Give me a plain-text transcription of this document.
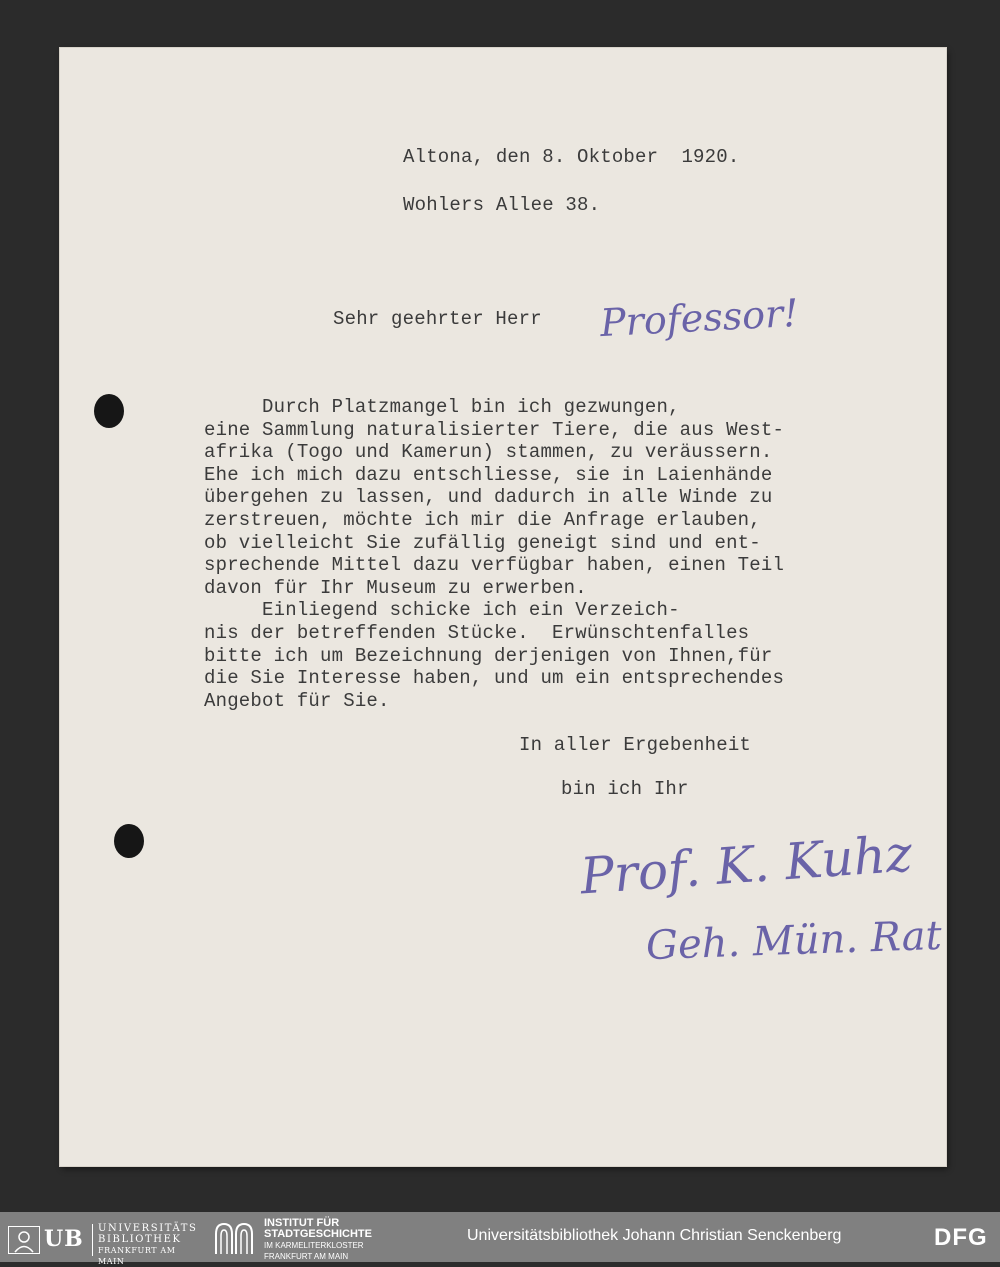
Altona, den 8. Oktober  1920.

Wohlers Allee 38.

Sehr geehrter Herr Professor!
Durch Platzmangel bin ich gezwungen,
eine Sammlung naturalisierter Tiere, die aus West-
afrika (Togo und Kamerun) stammen, zu veräussern.
Ehe ich mich dazu entschliesse, sie in Laienhände
übergehen zu lassen, und dadurch in alle Winde zu
zerstreuen, möchte ich mir die Anfrage erlauben,
ob vielleicht Sie zufällig geneigt sind und ent-
sprechende Mittel dazu verfügbar haben, einen Teil
davon für Ihr Museum zu erwerben.
Einliegend schicke ich ein Verzeich-
nis der betreffenden Stücke.  Erwünschtenfalles
bitte ich um Bezeichnung derjenigen von Ihnen,für
die Sie Interesse haben, und um ein entsprechendes
Angebot für Sie.

In aller Ergebenheit

bin ich Ihr

Prof. K. Kuhz
Geh. Mün. Rat
UB UNIVERSITÄTS
BIBLIOTHEK
FRANKFURT AM MAIN
INSTITUT FÜR
STADTGESCHICHTE
IM KARMELITERKLOSTER
FRANKFURT AM MAIN
Universitätsbibliothek Johann Christian Senckenberg	DFG
